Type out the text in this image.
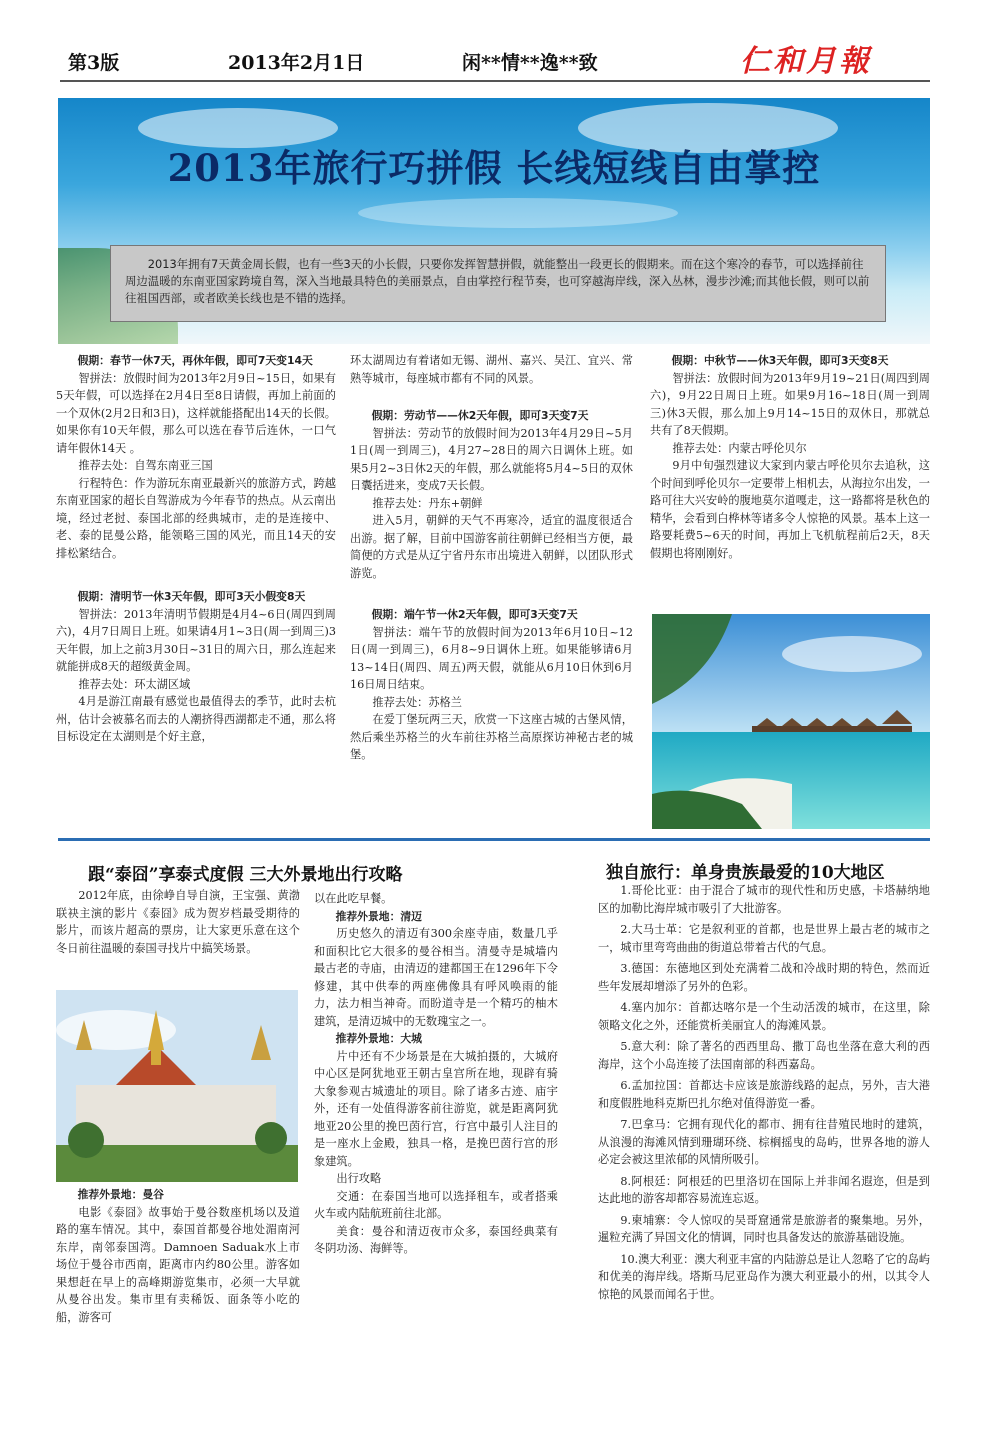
第3版	2013年2月1日	闲**情**逸**致	仁和月報
2013年旅行巧拼假 长线短线自由掌控
2013年拥有7天黄金周长假，也有一些3天的小长假，只要你发挥智慧拼假，就能整出一段更长的假期来。而在这个寒冷的春节，可以选择前往周边温暖的东南亚国家跨境自驾，深入当地最具特色的美丽景点，自由掌控行程节奏，也可穿越海岸线，深入丛林，漫步沙滩;而其他长假，则可以前往祖国西部，或者欧美长线也是不错的选择。

假期：春节一休7天，再休年假，即可7天变14天

智拼法：放假时间为2013年2月9日~15日，如果有5天年假，可以选择在2月4日至8日请假，再加上前面的一个双休(2月2日和3日)，这样就能搭配出14天的长假。如果你有10天年假，那么可以选在春节后连休，一口气请年假休14天 。

推荐去处：自驾东南亚三国

行程特色：作为游玩东南亚最新兴的旅游方式，跨越东南亚国家的超长自驾游成为今年春节的热点。从云南出境，经过老挝、泰国北部的经典城市，走的是连接中、老、泰的昆曼公路，能领略三国的风光，而且14天的安排松紧结合。

假期：清明节一休3天年假，即可3天小假变8天

智拼法：2013年清明节假期是4月4~6日(周四到周六)，4月7日周日上班。如果请4月1~3日(周一到周三)3天年假，加上之前3月30日~31日的周六日，那么连起来就能拼成8天的超级黄金周。

推荐去处：环太湖区域

4月是游江南最有感觉也最值得去的季节，此时去杭州，估计会被慕名而去的人潮挤得西湖都走不通，那么将目标设定在太湖则是个好主意，

环太湖周边有着诸如无锡、湖州、嘉兴、吴江、宜兴、常熟等城市，每座城市都有不同的风景。

假期：劳动节——休2天年假，即可3天变7天

智拼法：劳动节的放假时间为2013年4月29日~5月1日(周一到周三)，4月27~28日的周六日调休上班。如果5月2~3日休2天的年假，那么就能将5月4~5日的双休日囊括进来，变成7天长假。

推荐去处：丹东+朝鲜

进入5月，朝鲜的天气不再寒冷，适宜的温度很适合出游。据了解，目前中国游客前往朝鲜已经相当方便，最简便的方式是从辽宁省丹东市出境进入朝鲜，以团队形式游览。

假期：端午节一休2天年假，即可3天变7天

智拼法：端午节的放假时间为2013年6月10日~12日(周一到周三)，6月8~9日调休上班。如果能够请6月13~14日(周四、周五)两天假，就能从6月10日休到6月16日周日结束。

推荐去处：苏格兰

在爱丁堡玩两三天，欣赏一下这座古城的古堡风情，然后乘坐苏格兰的火车前往苏格兰高原探访神秘古老的城堡。

假期：中秋节——休3天年假，即可3天变8天

智拼法：放假时间为2013年9月19~21日(周四到周六)，9月22日周日上班。如果9月16~18日(周一到周三)休3天假，那么加上9月14~15日的双休日，那就总共有了8天假期。

推荐去处：内蒙古呼伦贝尔

9月中旬强烈建议大家到内蒙古呼伦贝尔去追秋，这个时间到呼伦贝尔一定要带上相机去，从海拉尔出发，一路可往大兴安岭的腹地莫尔道嘎走，这一路都将是秋色的精华，会看到白桦林等诸多令人惊艳的风景。基本上这一路要耗费5~6天的时间，再加上飞机航程前后2天，8天假期也将刚刚好。

跟“泰囧”享泰式度假 三大外景地出行攻略

2012年底，由徐峥自导自演，王宝强、黄渤联袂主演的影片《泰囧》成为贺岁档最受期待的影片，而该片超高的票房，让大家更乐意在这个冬日前往温暖的泰国寻找片中搞笑场景。

推荐外景地：曼谷

电影《泰囧》故事始于曼谷数座机场以及道路的塞车情况。其中，泰国首都曼谷地处湄南河东岸，南邻泰国湾。Damnoen Saduak水上市场位于曼谷市西南，距离市内约80公里。游客如果想赶在早上的高峰期游览集市，必须一大早就从曼谷出发。集市里有卖稀饭、面条等小吃的船，游客可

以在此吃早餐。

推荐外景地：清迈

历史悠久的清迈有300余座寺庙，数量几乎和面积比它大很多的曼谷相当。清曼寺是城墙内最古老的寺庙，由清迈的建都国王在1296年下令修建，其中供奉的两座佛像具有呼风唤雨的能力，法力相当神奇。而盼道寺是一个精巧的柚木建筑，是清迈城中的无数瑰宝之一。

推荐外景地：大城

片中还有不少场景是在大城拍摄的，大城府中心区是阿犹地亚王朝古皇宫所在地，现辟有骑大象参观古城遗址的项目。除了诸多古迹、庙宇外，还有一处值得游客前往游览，就是距离阿犹地亚20公里的挽巴茵行宫，行宫中最引人注目的是一座水上金殿，独具一格，是挽巴茵行宫的形象建筑。

出行攻略

交通：在泰国当地可以选择租车，或者搭乘火车或内陆航班前往北部。

美食：曼谷和清迈夜市众多，泰国经典菜有冬阴功汤、海鲜等。

独自旅行：单身贵族最爱的10大地区

1.哥伦比亚：由于混合了城市的现代性和历史感，卡塔赫纳地区的加勒比海岸城市吸引了大批游客。

2.大马士革：它是叙利亚的首都，也是世界上最古老的城市之一，城市里弯弯曲曲的街道总带着古代的气息。

3.德国：东德地区到处充满着二战和冷战时期的特色，然而近些年发展却增添了另外的色彩。

4.塞内加尔：首都达喀尔是一个生动活泼的城市，在这里，除领略文化之外，还能赏析美丽宜人的海滩风景。

5.意大利：除了著名的西西里岛、撒丁岛也坐落在意大利的西海岸，这个小岛连接了法国南部的科西嘉岛。

6.孟加拉国：首都达卡应该是旅游线路的起点，另外，吉大港和度假胜地科克斯巴扎尔绝对值得游览一番。

7.巴拿马：它拥有现代化的都市、拥有往昔殖民地时的建筑，从浪漫的海滩风情到珊瑚环绕、棕榈摇曳的岛屿，世界各地的游人必定会被这里浓郁的风情所吸引。

8.阿根廷：阿根廷的巴里洛切在国际上并非闻名遐迩，但是到达此地的游客却都容易流连忘返。

9.柬埔寨：令人惊叹的吴哥窟通常是旅游者的聚集地。另外，暹粒充满了异国文化的情调，同时也具备发达的旅游基础设施。

10.澳大利亚：澳大利亚丰富的内陆游总是让人忽略了它的岛屿和优美的海岸线。塔斯马尼亚岛作为澳大利亚最小的州，以其令人惊艳的风景而闻名于世。
